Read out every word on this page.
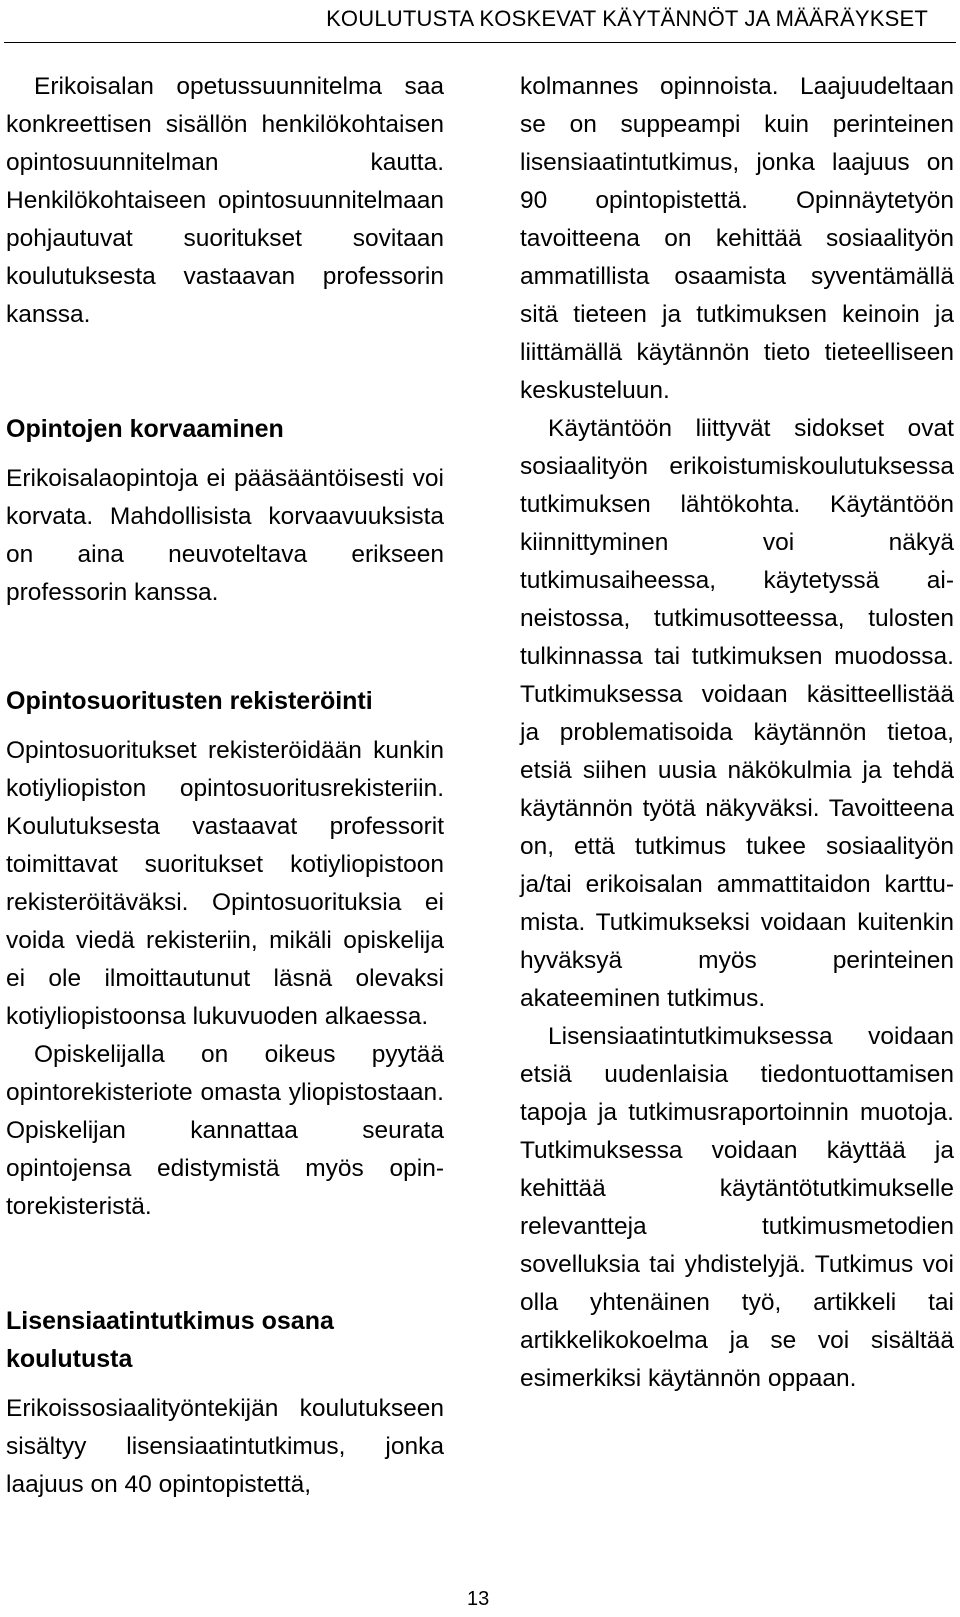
KOULUTUSTA KOSKEVAT KÄYTÄNNÖT JA MÄÄRÄYKSET

Erikoisalan opetussuunnitelma saa konkreettisen sisällön henkilökohtaisen opintosuunnitelman kautta. Henkilökohtaiseen opintosuunnitelmaan pohjautuvat suoritukset sovitaan koulutuksesta vastaavan professorin kanssa.

Opintojen korvaaminen

Erikoisalaopintoja ei pääsääntöisesti voi korvata. Mahdollisista korvaavuuksista on aina neuvoteltava erikseen professorin kanssa.

Opintosuoritusten rekisteröinti

Opintosuoritukset rekisteröidään kunkin kotiyliopiston opintosuoritusrekisteriin. Koulutuksesta vastaavat professorit toimittavat suoritukset kotiyliopistoon rekisteröitäväksi. Opintosuorituksia ei voida viedä rekisteriin, mikäli opiskelija ei ole ilmoittautunut läsnä olevaksi kotiyliopistoonsa lukuvuoden alkaessa.

Opiskelijalla on oikeus pyytää opintorekisteriote omasta yliopistostaan. Opiskelijan kannattaa seurata opintojensa edistymistä myös opintorekisteristä.

Lisensiaatintutkimus osana koulutusta

Erikoissosiaalityöntekijän koulutukseen sisältyy lisensiaatintutkimus, jonka laajuus on 40 opintopistettä,

kolmannes opinnoista. Laajuudeltaan se on suppeampi kuin perinteinen lisensiaatintutkimus, jonka laajuus on 90 opintopistettä. Opinnäytetyön tavoitteena on kehittää sosiaalityön ammatillista osaamista syventämällä sitä tieteen ja tutkimuksen keinoin ja liittämällä käytännön tieto tieteelliseen keskusteluun.

Käytäntöön liittyvät sidokset ovat sosiaalityön erikoistumiskoulutuksessa tutkimuksen lähtökohta. Käytäntöön kiinnittyminen voi näkyä tutkimusaiheessa, käytetyssä aineistossa, tutkimusotteessa, tulosten tulkinnassa tai tutkimuksen muodossa. Tutkimuksessa voidaan käsitteellistää ja problematisoida käytännön tietoa, etsiä siihen uusia näkökulmia ja tehdä käytännön työtä näkyväksi. Tavoitteena on, että tutkimus tukee sosiaalityön ja/tai erikoisalan ammattitaidon karttumista. Tutkimukseksi voidaan kuitenkin hyväksyä myös perinteinen akateeminen tutkimus.

Lisensiaatintutkimuksessa voidaan etsiä uudenlaisia tiedontuottamisen tapoja ja tutkimusraportoinnin muotoja. Tutkimuksessa voidaan käyttää ja kehittää käytäntötutkimukselle relevantteja tutkimusmetodien sovelluksia tai yhdistelyjä. Tutkimus voi olla yhtenäinen työ, artikkeli tai artikkelikokoelma ja se voi sisältää esimerkiksi käytännön oppaan.

13
